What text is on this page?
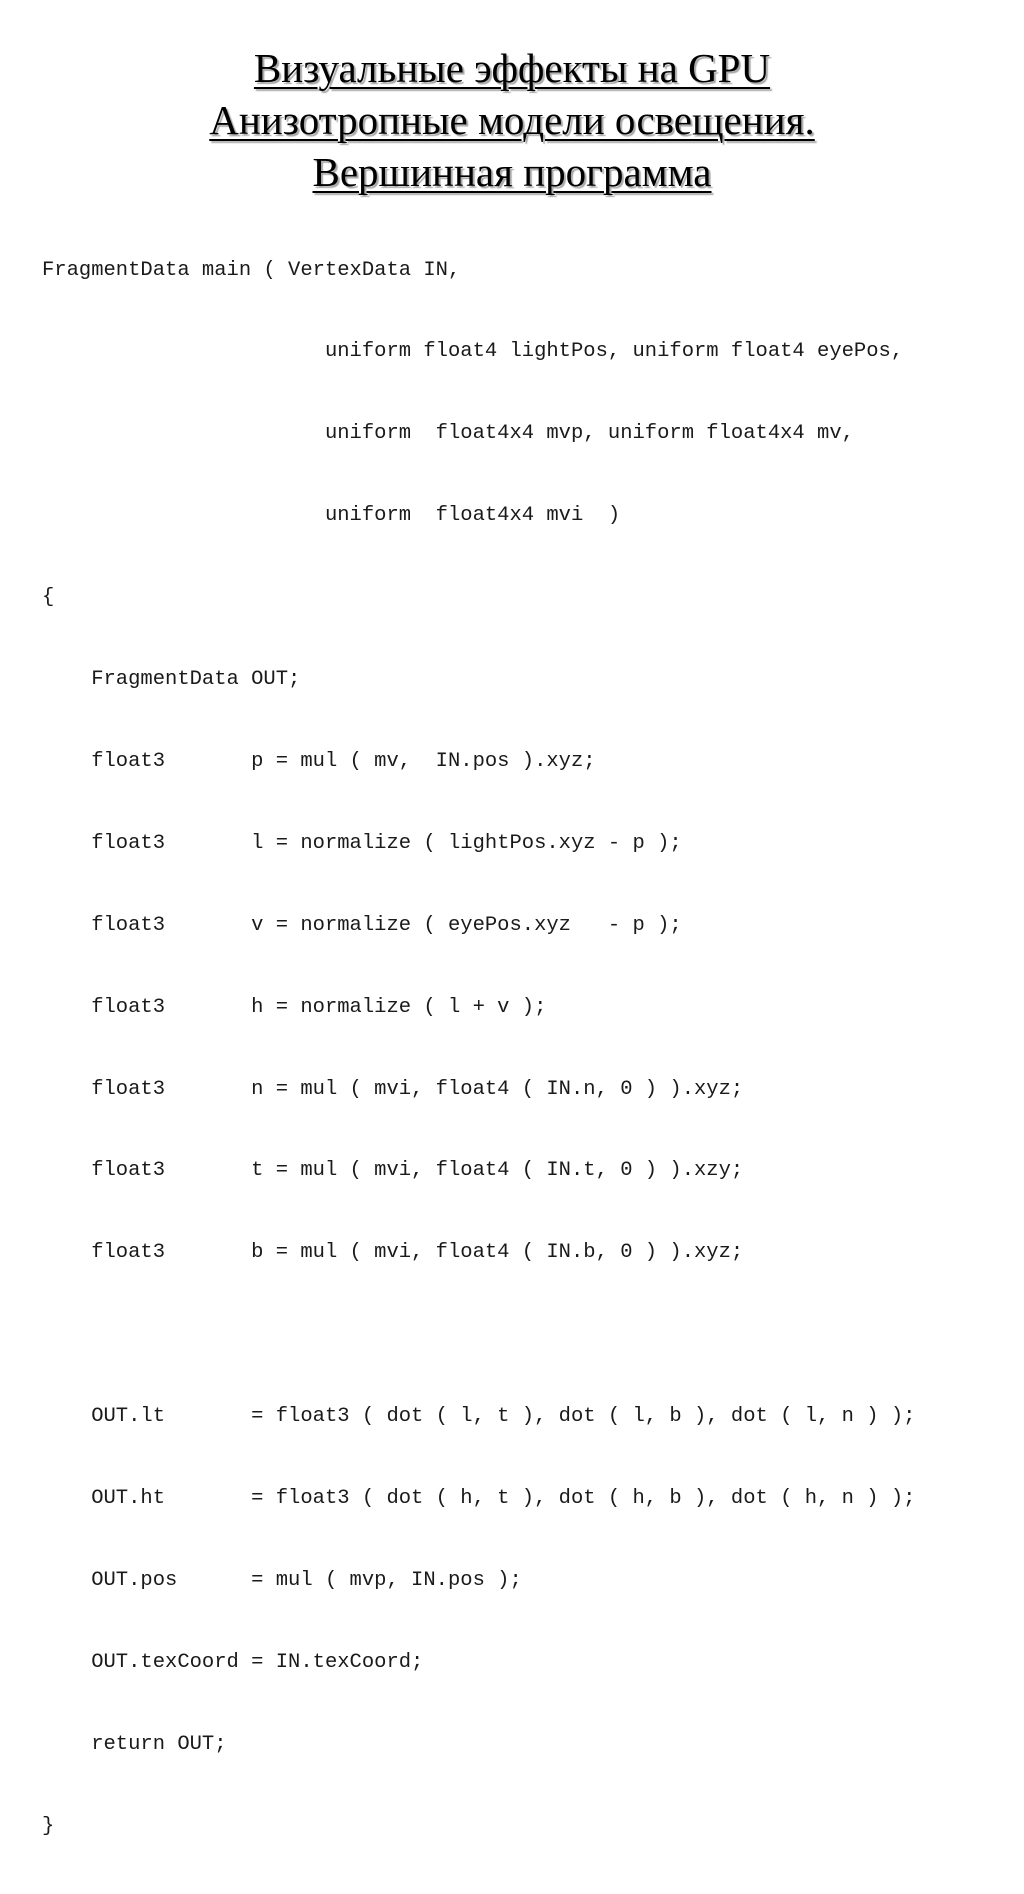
Визуальные эффекты на GPU
Анизотропные модели освещения.
Вершинная программа

FragmentData main ( VertexData IN,

uniform float4 lightPos, uniform float4 eyePos,

uniform  float4x4 mvp, uniform float4x4 mv,

uniform  float4x4 mvi  )

{

FragmentData OUT;

float3       p = mul ( mv,  IN.pos ).xyz;

float3       l = normalize ( lightPos.xyz - p );

float3       v = normalize ( eyePos.xyz   - p );

float3       h = normalize ( l + v );

float3       n = mul ( mvi, float4 ( IN.n, 0 ) ).xyz;

float3       t = mul ( mvi, float4 ( IN.t, 0 ) ).xzy;

float3       b = mul ( mvi, float4 ( IN.b, 0 ) ).xyz;

OUT.lt       = float3 ( dot ( l, t ), dot ( l, b ), dot ( l, n ) );

OUT.ht       = float3 ( dot ( h, t ), dot ( h, b ), dot ( h, n ) );

OUT.pos      = mul ( mvp, IN.pos );

OUT.texCoord = IN.texCoord;

return OUT;

}
